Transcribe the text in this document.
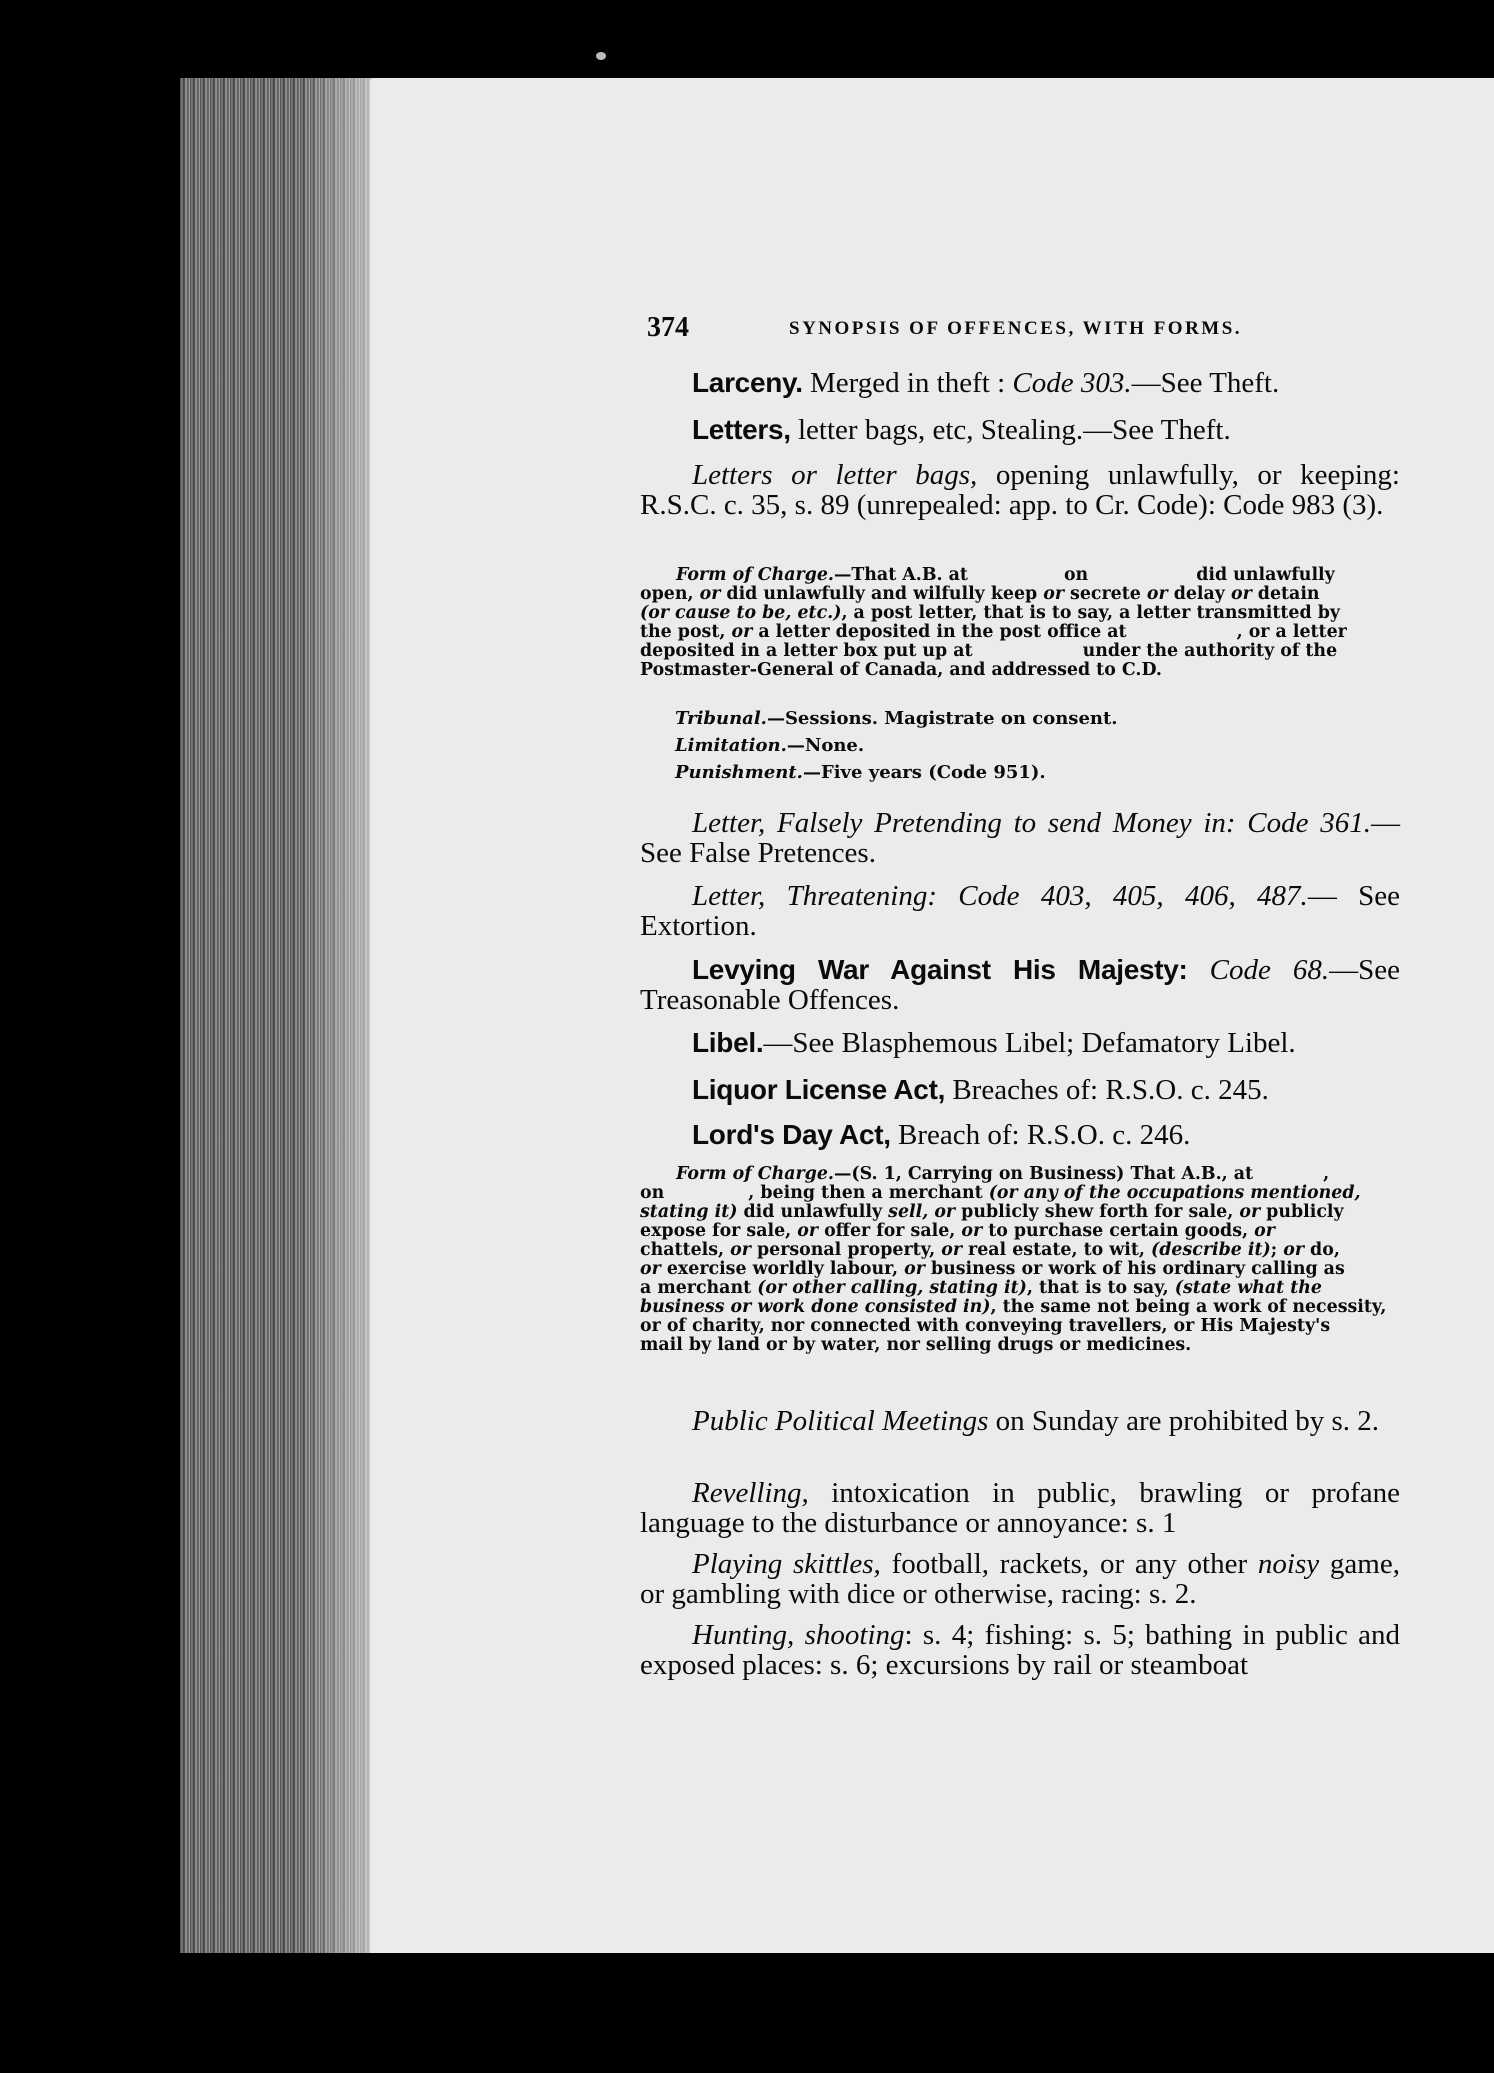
374	SYNOPSIS OF OFFENCES, WITH FORMS.
Larceny. Merged in theft : Code 303.—See Theft.
Letters, letter bags, etc, Stealing.—See Theft.
Letters or letter bags, opening unlawfully, or keeping: R.S.C. c. 35, s. 89 (unrepealed: app. to Cr. Code): Code 983 (3).
Form of Charge.—That A.B. at	on	did unlawfully
open, or did unlawfully and wilfully keep or secrete or delay or detain
(or cause to be, etc.), a post letter, that is to say, a letter transmitted by
the post, or a letter deposited in the post office at	, or a letter
deposited in a letter box put up at	under the authority of the
Postmaster-General of Canada, and addressed to C.D.
Tribunal.—Sessions. Magistrate on consent.
Limitation.—None.
Punishment.—Five years (Code 951).
Letter, Falsely Pretending to send Money in: Code 361.— See False Pretences.
Letter, Threatening: Code 403, 405, 406, 487.— See Extortion.
Levying War Against His Majesty: Code 68.—See Treasonable Offences.
Libel.—See Blasphemous Libel; Defamatory Libel.
Liquor License Act, Breaches of: R.S.O. c. 245.
Lord's Day Act, Breach of: R.S.O. c. 246.
Form of Charge.—(S. 1, Carrying on Business) That A.B., at	,
on	, being then a merchant (or any of the occupations mentioned,
stating it) did unlawfully sell, or publicly shew forth for sale, or publicly
expose for sale, or offer for sale, or to purchase certain goods, or
chattels, or personal property, or real estate, to wit, (describe it); or do,
or exercise worldly labour, or business or work of his ordinary calling as
a merchant (or other calling, stating it), that is to say, (state what the
business or work done consisted in), the same not being a work of necessity,
or of charity, nor connected with conveying travellers, or His Majesty's
mail by land or by water, nor selling drugs or medicines.
Public Political Meetings on Sunday are prohibited by s. 2.
Revelling, intoxication in public, brawling or profane language to the disturbance or annoyance: s. 1
Playing skittles, football, rackets, or any other noisy game, or gambling with dice or otherwise, racing: s. 2.
Hunting, shooting: s. 4; fishing: s. 5; bathing in public and exposed places: s. 6; excursions by rail or steamboat
